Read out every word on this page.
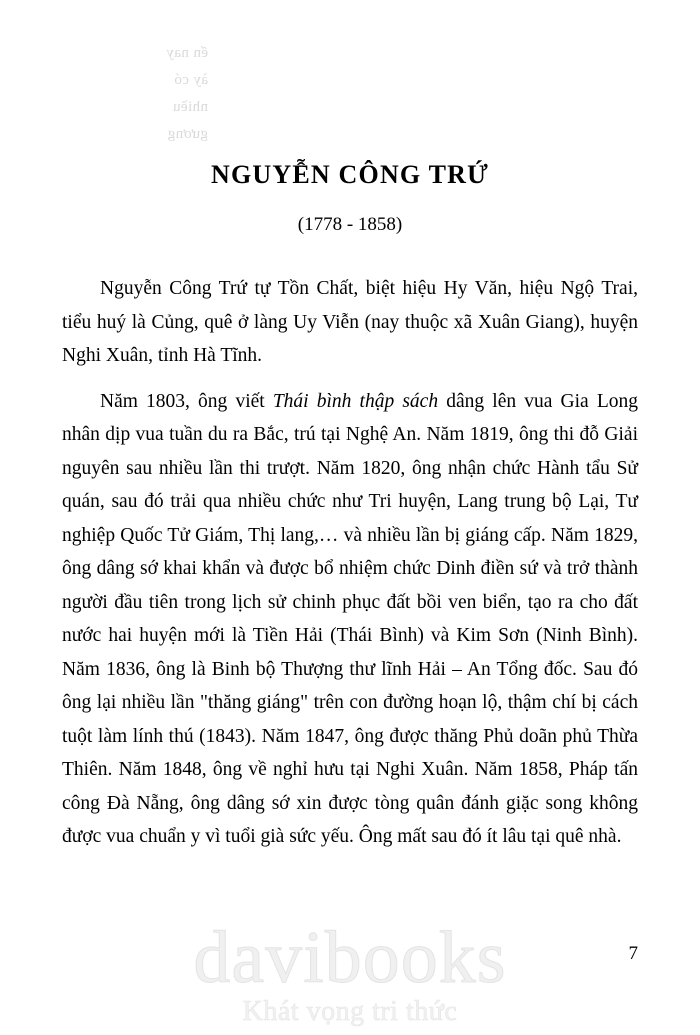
ến nay
ày có
nhiều
gương
NGUYỄN CÔNG TRỨ
(1778 - 1858)

Nguyễn Công Trứ tự Tồn Chất, biệt hiệu Hy Văn, hiệu Ngộ Trai, tiểu huý là Củng, quê ở làng Uy Viễn (nay thuộc xã Xuân Giang), huyện Nghi Xuân, tỉnh Hà Tĩnh.

Năm 1803, ông viết Thái bình thập sách dâng lên vua Gia Long nhân dịp vua tuần du ra Bắc, trú tại Nghệ An. Năm 1819, ông thi đỗ Giải nguyên sau nhiều lần thi trượt. Năm 1820, ông nhận chức Hành tẩu Sử quán, sau đó trải qua nhiều chức như Tri huyện, Lang trung bộ Lại, Tư nghiệp Quốc Tử Giám, Thị lang,… và nhiều lần bị giáng cấp. Năm 1829, ông dâng sớ khai khẩn và được bổ nhiệm chức Dinh điền sứ và trở thành người đầu tiên trong lịch sử chinh phục đất bồi ven biển, tạo ra cho đất nước hai huyện mới là Tiền Hải (Thái Bình) và Kim Sơn (Ninh Bình). Năm 1836, ông là Binh bộ Thượng thư lĩnh Hải – An Tổng đốc. Sau đó ông lại nhiều lần "thăng giáng" trên con đường hoạn lộ, thậm chí bị cách tuột làm lính thú (1843). Năm 1847, ông được thăng Phủ doãn phủ Thừa Thiên. Năm 1848, ông về nghỉ hưu tại Nghi Xuân. Năm 1858, Pháp tấn công Đà Nẵng, ông dâng sớ xin được tòng quân đánh giặc song không được vua chuẩn y vì tuổi già sức yếu. Ông mất sau đó ít lâu tại quê nhà.

7
davibooks
Khát vọng tri thức
